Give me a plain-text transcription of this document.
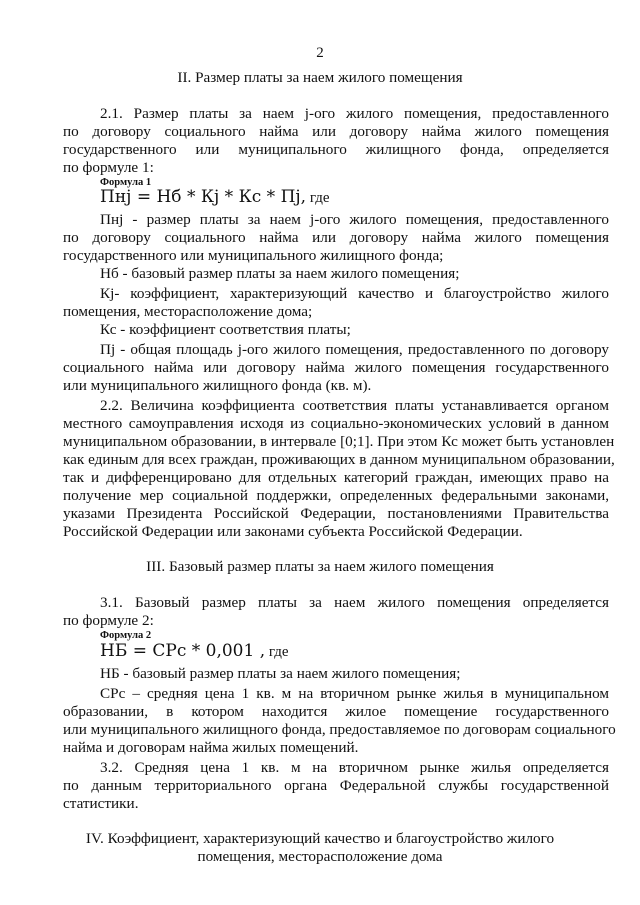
2
II. Размер платы за наем жилого помещения
2.1. Размер платы за наем j-ого жилого помещения, предоставленного
по договору социального найма или договору найма жилого помещения
государственного или муниципального жилищного фонда, определяется
по формуле 1:
Формула 1
Пнj = Нб * Кj * Кс * Пj, где
Пнj - размер платы за наем j-ого жилого помещения, предоставленного
по договору социального найма или договору найма жилого помещения
государственного или муниципального жилищного фонда;
Нб - базовый размер платы за наем жилого помещения;
Кj- коэффициент, характеризующий качество и благоустройство жилого
помещения, месторасположение дома;
Кс - коэффициент соответствия платы;
Пj - общая площадь j-ого жилого помещения, предоставленного по договору
социального найма или договору найма жилого помещения государственного
или муниципального жилищного фонда (кв. м).
2.2. Величина коэффициента соответствия платы устанавливается органом
местного самоуправления исходя из социально-экономических условий в данном
муниципальном образовании, в интервале [0;1]. При этом Кс может быть установлен
как единым для всех граждан, проживающих в данном муниципальном образовании,
так и дифференцировано для отдельных категорий граждан, имеющих право на
получение мер социальной поддержки, определенных федеральными законами,
указами Президента Российской Федерации, постановлениями Правительства
Российской Федерации или законами субъекта Российской Федерации.
III. Базовый размер платы за наем жилого помещения
3.1. Базовый размер платы за наем жилого помещения определяется
по формуле 2:
Формула 2
НБ = СРс * 0,001 , где
НБ - базовый размер платы за наем жилого помещения;
СРс – средняя цена 1 кв. м на вторичном рынке жилья в муниципальном
образовании, в котором находится жилое помещение государственного
или муниципального жилищного фонда, предоставляемое по договорам социального
найма и договорам найма жилых помещений.
3.2. Средняя цена 1 кв. м на вторичном рынке жилья определяется
по данным территориального органа Федеральной службы государственной
статистики.
IV. Коэффициент, характеризующий качество и благоустройство жилого
помещения, месторасположение дома
